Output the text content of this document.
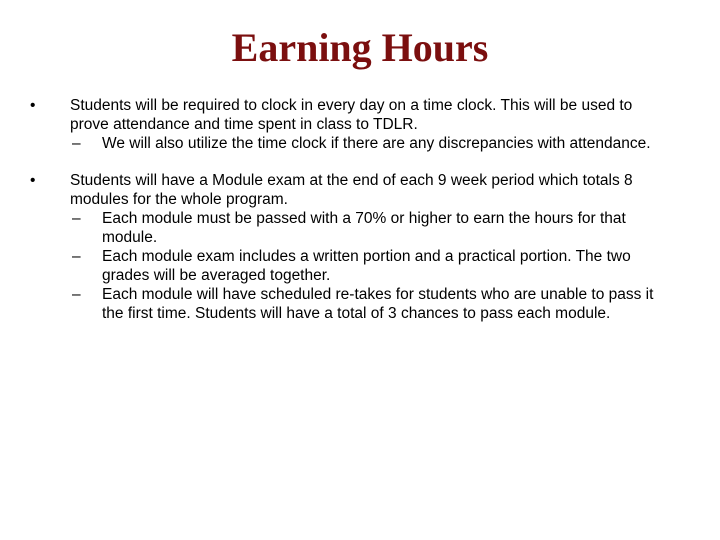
Earning Hours
•	Students will be required to clock in every day on a time clock. This will be used to prove attendance and time spent in class to TDLR.
–	We will also utilize the time clock if there are any discrepancies with attendance.
•	Students will have a Module exam at the end of each 9 week period which totals 8 modules for the whole program.
–	Each module must be passed with a 70% or higher to earn the hours for that module.
–	Each module exam includes a written portion and a practical portion. The two grades will be averaged together.
–	Each module will have scheduled re-takes for students who are unable to pass it the first time. Students will have a total of 3 chances to pass each module.
